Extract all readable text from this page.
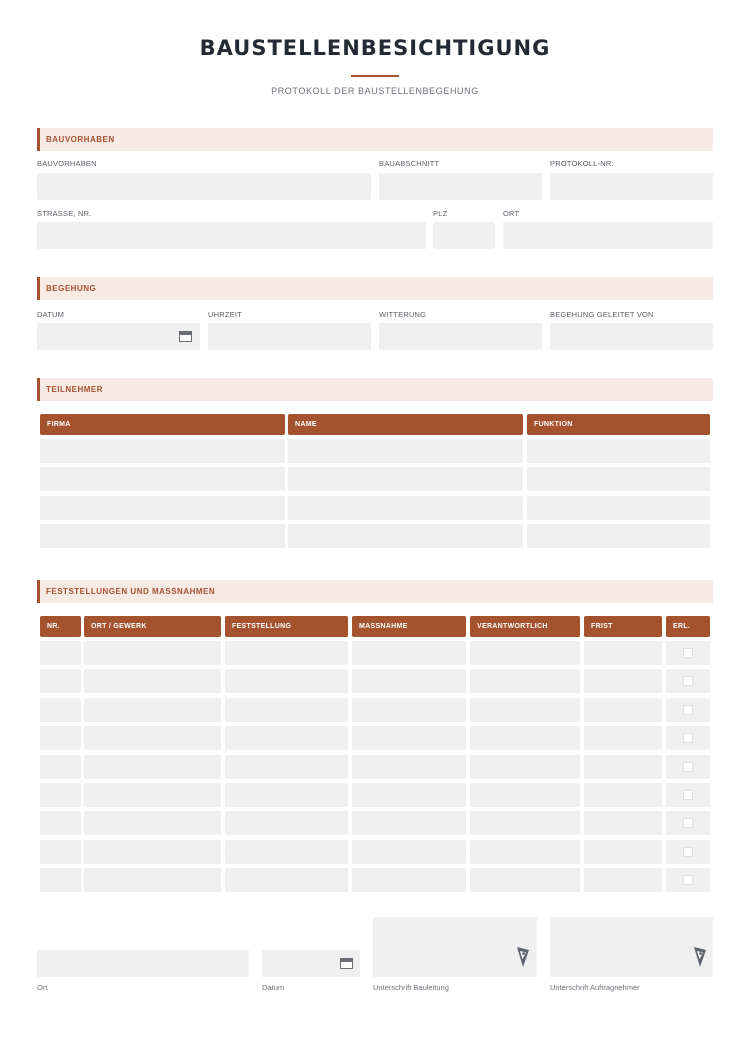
BAUSTELLENBESICHTIGUNG
PROTOKOLL DER BAUSTELLENBEGEHUNG
BAUVORHABEN
BAUVORHABEN	BAUABSCHNITT	PROTOKOLL-NR.
STRASSE, NR.	PLZ	ORT
BEGEHUNG
DATUM	UHRZEIT	WITTERUNG	BEGEHUNG GELEITET VON
TEILNEHMER
FIRMA	NAME	FUNKTION
FESTSTELLUNGEN UND MASSNAHMEN
NR.	ORT / GEWERK	FESTSTELLUNG	MASSNAHME	VERANTWORTLICH	FRIST	ERL.
Ort	Datum	Unterschrift Bauleitung	Unterschrift Auftragnehmer
